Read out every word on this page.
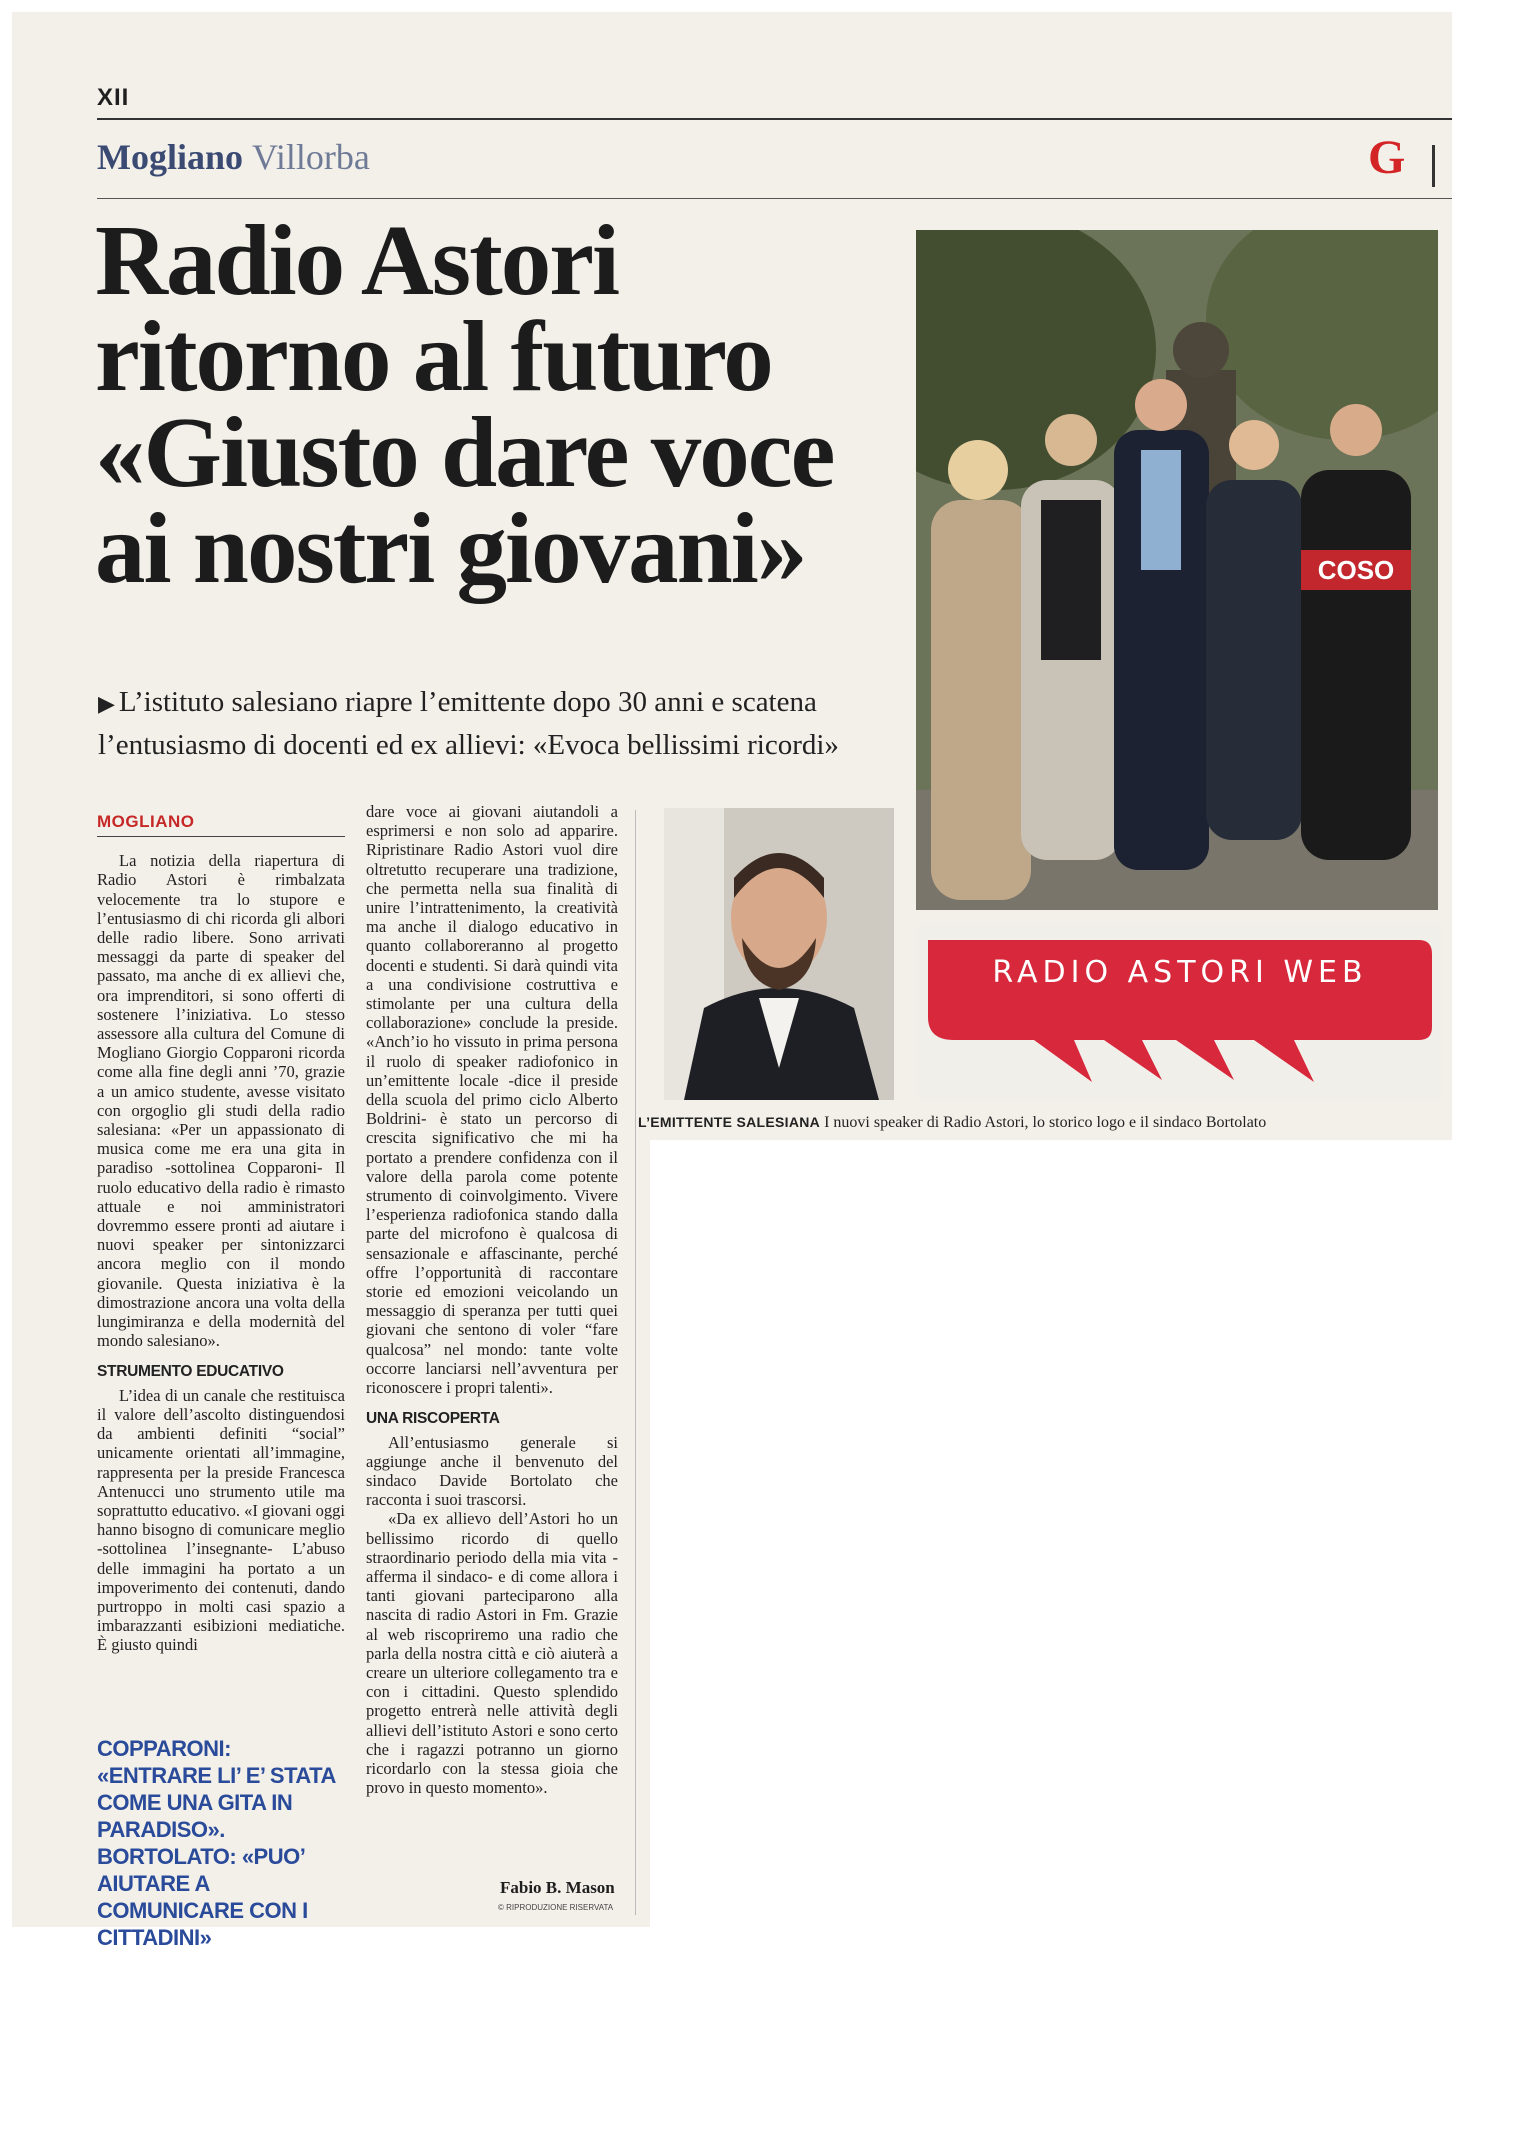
XII
Mogliano Villorba	G
Radio Astori
ritorno al futuro
«Giusto dare voce
ai nostri giovani»
▶ L’istituto salesiano riapre l’emittente dopo 30 anni e scatena
l’entusiasmo di docenti ed ex allievi: «Evoca bellissimi ricordi»
MOGLIANO

La notizia della riapertura di Radio Astori è rimbalzata velocemente tra lo stupore e l’entusiasmo di chi ricorda gli albori delle radio libere. Sono arrivati messaggi da parte di speaker del passato, ma anche di ex allievi che, ora imprenditori, si sono offerti di sostenere l’iniziativa. Lo stesso assessore alla cultura del Comune di Mogliano Giorgio Copparoni ricorda come alla fine degli anni ’70, grazie a un amico studente, avesse visitato con orgoglio gli studi della radio salesiana: «Per un appassionato di musica come me era una gita in paradiso -sottolinea Copparoni- Il ruolo educativo della radio è rimasto attuale e noi amministratori dovremmo essere pronti ad aiutare i nuovi speaker per sintonizzarci ancora meglio con il mondo giovanile. Questa iniziativa è la dimostrazione ancora una volta della lungimiranza e della modernità del mondo salesiano».

STRUMENTO EDUCATIVO

L’idea di un canale che restituisca il valore dell’ascolto distinguendosi da ambienti definiti “social” unicamente orientati all’immagine, rappresenta per la preside Francesca Antenucci uno strumento utile ma soprattutto educativo. «I giovani oggi hanno bisogno di comunicare meglio -sottolinea l’insegnante- L’abuso delle immagini ha portato a un impoverimento dei contenuti, dando purtroppo in molti casi spazio a imbarazzanti esibizioni mediatiche. È giusto quindi

COPPARONI: «ENTRARE LI’ E’ STATA COME UNA GITA IN PARADISO». BORTOLATO: «PUO’ AIUTARE A COMUNICARE CON I CITTADINI»

dare voce ai giovani aiutandoli a esprimersi e non solo ad apparire. Ripristinare Radio Astori vuol dire oltretutto recuperare una tradizione, che permetta nella sua finalità di unire l’intrattenimento, la creatività ma anche il dialogo educativo in quanto collaboreranno al progetto docenti e studenti. Si darà quindi vita a una condivisione costruttiva e stimolante per una cultura della collaborazione» conclude la preside. «Anch’io ho vissuto in prima persona il ruolo di speaker radiofonico in un’emittente locale -dice il preside della scuola del primo ciclo Alberto Boldrini- è stato un percorso di crescita significativo che mi ha portato a prendere confidenza con il valore della parola come potente strumento di coinvolgimento. Vivere l’esperienza radiofonica stando dalla parte del microfono è qualcosa di sensazionale e affascinante, perché offre l’opportunità di raccontare storie ed emozioni veicolando un messaggio di speranza per tutti quei giovani che sentono di voler “fare qualcosa” nel mondo: tante volte occorre lanciarsi nell’avventura per riconoscere i propri talenti».

UNA RISCOPERTA

All’entusiasmo generale si aggiunge anche il benvenuto del sindaco Davide Bortolato che racconta i suoi trascorsi.

«Da ex allievo dell’Astori ho un bellissimo ricordo di quello straordinario periodo della mia vita -afferma il sindaco- e di come allora i tanti giovani parteciparono alla nascita di radio Astori in Fm. Grazie al web riscopriremo una radio che parla della nostra città e ciò aiuterà a creare un ulteriore collegamento tra e con i cittadini. Questo splendido progetto entrerà nelle attività degli allievi dell’istituto Astori e sono certo che i ragazzi potranno un giorno ricordarlo con la stessa gioia che provo in questo momento».

Fabio B. Mason
© RIPRODUZIONE RISERVATA
COSO
RADIO ASTORI WEB
L’EMITTENTE SALESIANA I nuovi speaker di Radio Astori, lo storico logo e il sindaco Bortolato
